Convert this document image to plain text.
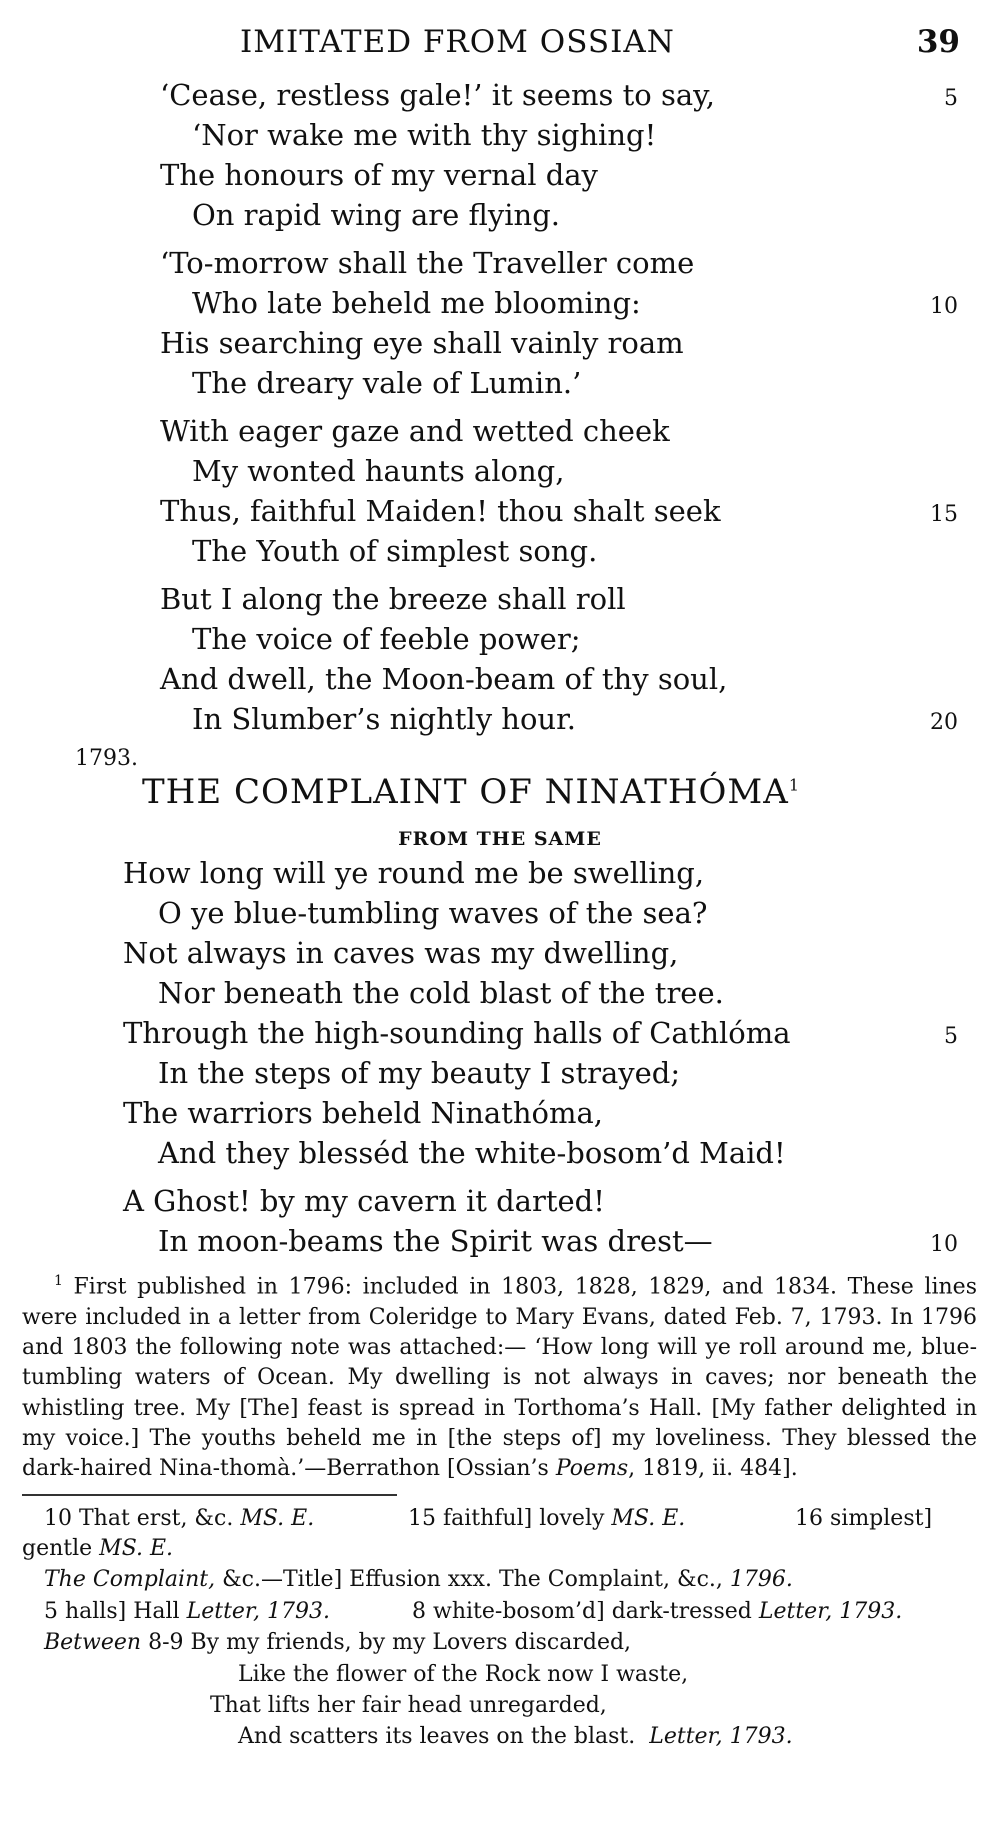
IMITATED FROM OSSIAN	39
‘Cease, restless gale!’ it seems to say,	5
‘Nor wake me with thy sighing!
The honours of my vernal day
On rapid wing are flying.
‘To-morrow shall the Traveller come
Who late beheld me blooming:	10
His searching eye shall vainly roam
The dreary vale of Lumin.’
With eager gaze and wetted cheek
My wonted haunts along,
Thus, faithful Maiden! thou shalt seek	15
The Youth of simplest song.
But I along the breeze shall roll
The voice of feeble power;
And dwell, the Moon-beam of thy soul,
In Slumber’s nightly hour.	20
1793.
THE COMPLAINT OF NINATHÓMA$^1$
FROM THE SAME
How long will ye round me be swelling,
O ye blue-tumbling waves of the sea?
Not always in caves was my dwelling,
Nor beneath the cold blast of the tree.
Through the high-sounding halls of Cathlóma	5
In the steps of my beauty I strayed;
The warriors beheld Ninathóma,
And they blesséd the white-bosom’d Maid!
A Ghost! by my cavern it darted!
In moon-beams the Spirit was drest—	10
$^1$ First published in 1796: included in 1803, 1828, 1829, and 1834. These lines were included in a letter from Coleridge to Mary Evans, dated Feb. 7, 1793. In 1796 and 1803 the following note was attached:— ‘How long will ye roll around me, blue-tumbling waters of Ocean. My dwelling is not always in caves; nor beneath the whistling tree. My [The] feast is spread in Torthoma’s Hall. [My father delighted in my voice.] The youths beheld me in [the steps of] my loveliness. They blessed the dark-haired Nina-thomà.’—Berrathon [Ossian’s Poems, 1819, ii. 484].
10 That erst, &c. MS. E.	15 faithful] lovely MS. E.	16 simplest]
gentle MS. E.
The Complaint, &c.—Title] Effusion xxx. The Complaint, &c., 1796.
5 halls] Hall Letter, 1793.	8 white-bosom’d] dark-tressed Letter, 1793.
Between 8-9 By my friends, by my Lovers discarded,
Like the flower of the Rock now I waste,
That lifts her fair head unregarded,
And scatters its leaves on the blast. Letter, 1793.
